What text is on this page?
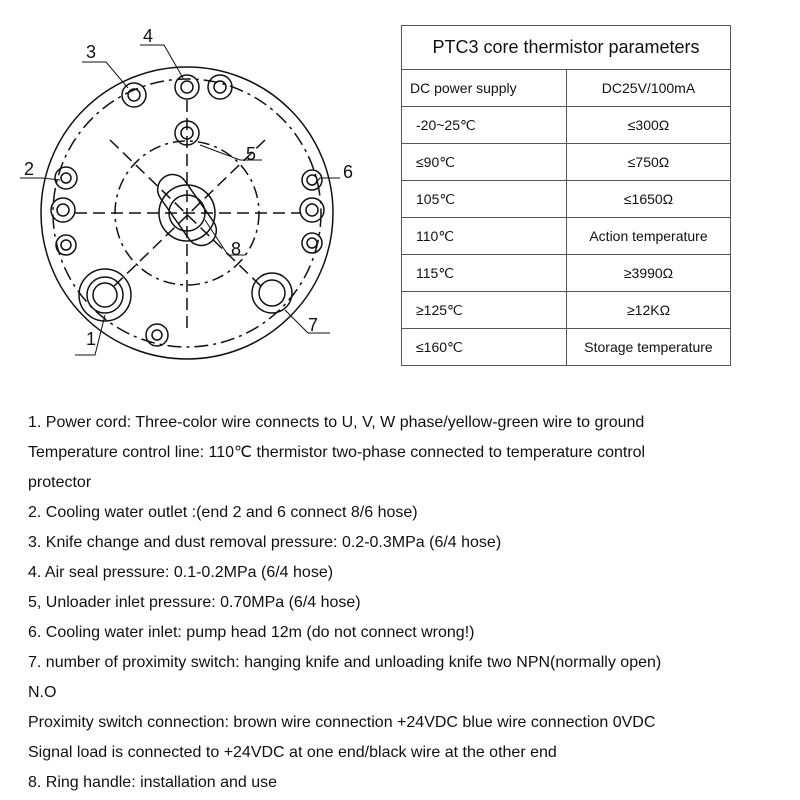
1
2
3
4
5
6
7
8
PTC3 core thermistor parameters	
DC power supply	DC25V/100mA
-20~25℃	≤300Ω
≤90℃	≤750Ω
105℃	≤1650Ω
110℃	Action temperature
115℃	≥3990Ω
≥125℃	≥12KΩ
≤160℃	Storage temperature
1. Power cord: Three-color wire connects to U, V, W phase/yellow-green wire to ground
Temperature control line: 110℃ thermistor two-phase connected to temperature control
protector
2. Cooling water outlet :(end 2 and 6 connect 8/6 hose)
3. Knife change and dust removal pressure: 0.2-0.3MPa (6/4 hose)
4. Air seal pressure: 0.1-0.2MPa (6/4 hose)
5, Unloader inlet pressure: 0.70MPa (6/4 hose)
6. Cooling water inlet: pump head 12m (do not connect wrong!)
7. number of proximity switch: hanging knife and unloading knife two NPN(normally open)
N.O
Proximity switch connection: brown wire connection +24VDC blue wire connection 0VDC
Signal load is connected to +24VDC at one end/black wire at the other end
8. Ring handle: installation and use
